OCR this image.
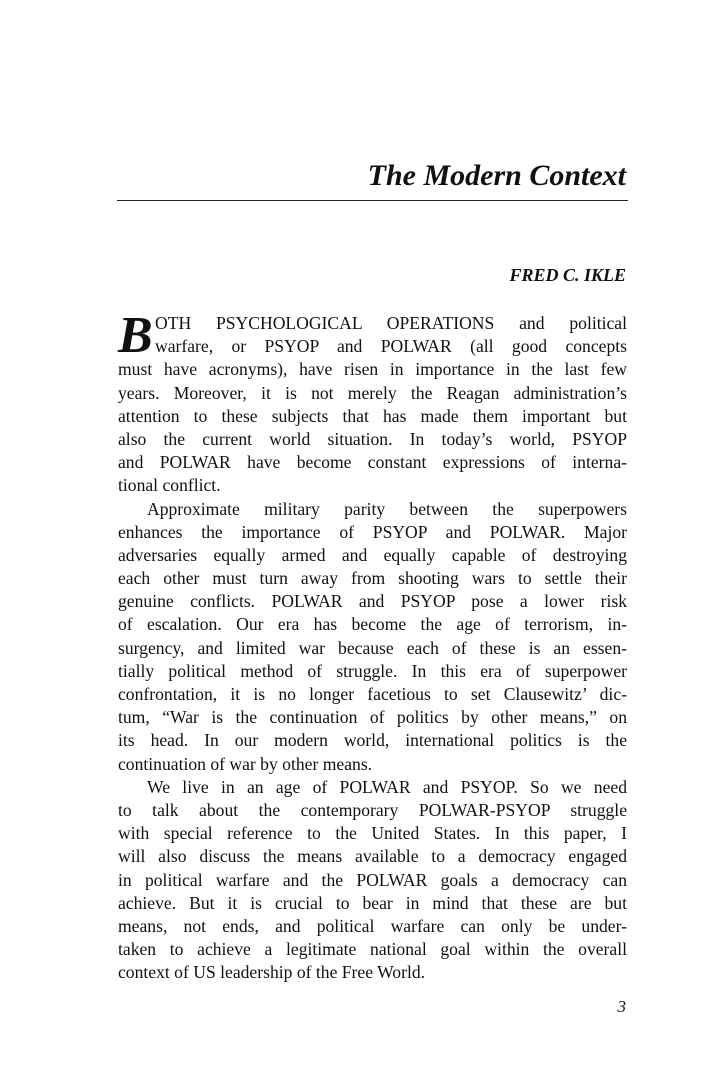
The Modern Context
FRED C. IKLE
B OTH PSYCHOLOGICAL OPERATIONS and political
warfare, or PSYOP and POLWAR (all good concepts
must have acronyms), have risen in importance in the last few
years. Moreover, it is not merely the Reagan administration’s
attention to these subjects that has made them important but
also the current world situation. In today’s world, PSYOP
and POLWAR have become constant expressions of interna-
tional conflict.
Approximate military parity between the superpowers
enhances the importance of PSYOP and POLWAR. Major
adversaries equally armed and equally capable of destroying
each other must turn away from shooting wars to settle their
genuine conflicts. POLWAR and PSYOP pose a lower risk
of escalation. Our era has become the age of terrorism, in-
surgency, and limited war because each of these is an essen-
tially political method of struggle. In this era of superpower
confrontation, it is no longer facetious to set Clausewitz’ dic-
tum, “War is the continuation of politics by other means,” on
its head. In our modern world, international politics is the
continuation of war by other means.
We live in an age of POLWAR and PSYOP. So we need
to talk about the contemporary POLWAR-PSYOP struggle
with special reference to the United States. In this paper, I
will also discuss the means available to a democracy engaged
in political warfare and the POLWAR goals a democracy can
achieve. But it is crucial to bear in mind that these are but
means, not ends, and political warfare can only be under-
taken to achieve a legitimate national goal within the overall
context of US leadership of the Free World.
3
